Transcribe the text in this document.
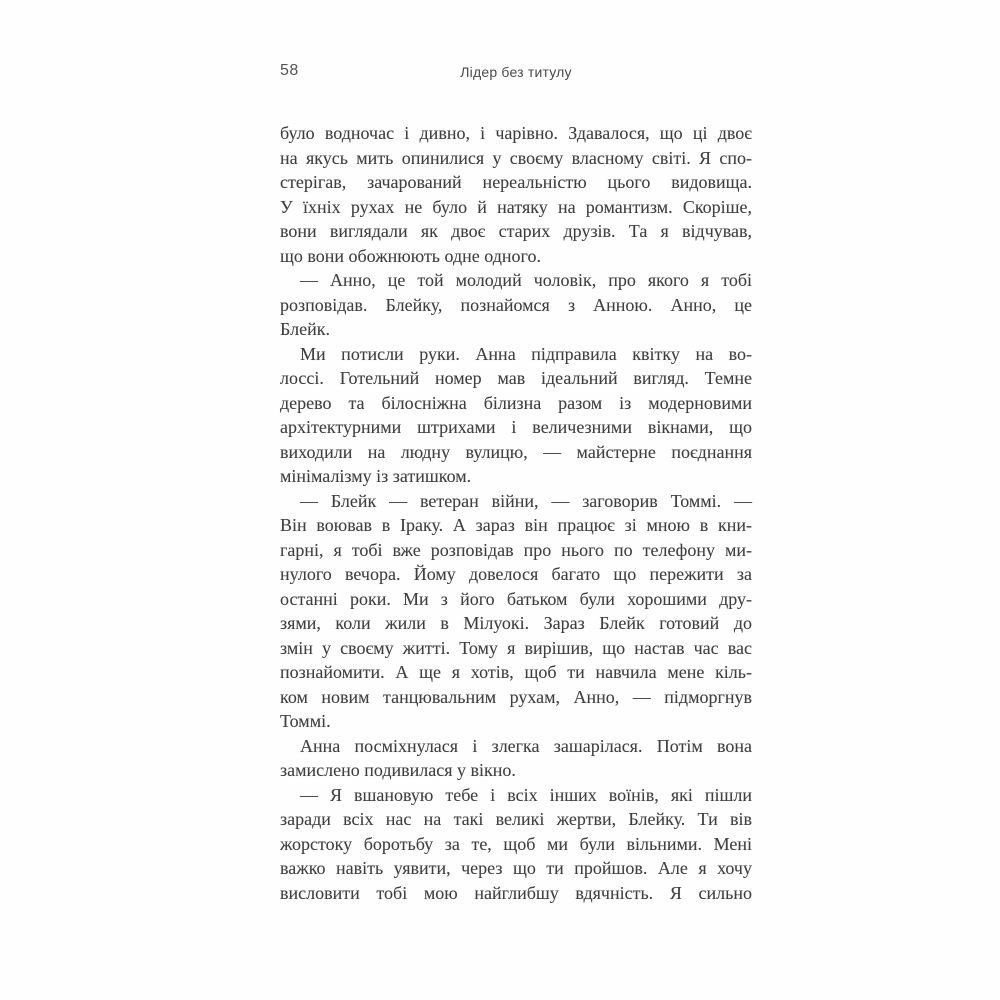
58	Лідер без титулу
було водночас і дивно, і чарівно. Здавалося, що ці двоє
на якусь мить опинилися у своєму власному світі. Я спо-
стерігав, зачарований нереальністю цього видовища.
У їхніх рухах не було й натяку на романтизм. Скоріше,
вони виглядали як двоє старих друзів. Та я відчував,
що вони обожнюють одне одного.
— Анно, це той молодий чоловік, про якого я тобі
розповідав. Блейку, познайомся з Анною. Анно, це
Блейк.
Ми потисли руки. Анна підправила квітку на во-
лоссі. Готельний номер мав ідеальний вигляд. Темне
дерево та білосніжна білизна разом із модерновими
архітектурними штрихами і величезними вікнами, що
виходили на людну вулицю, — майстерне поєднання
мінімалізму із затишком.
— Блейк — ветеран війни, — заговорив Томмі. —
Він воював в Іраку. А зараз він працює зі мною в кни-
гарні, я тобі вже розповідав про нього по телефону ми-
нулого вечора. Йому довелося багато що пережити за
останні роки. Ми з його батьком були хорошими дру-
зями, коли жили в Мілуокі. Зараз Блейк готовий до
змін у своєму житті. Тому я вирішив, що настав час вас
познайомити. А ще я хотів, щоб ти навчила мене кіль-
ком новим танцювальним рухам, Анно, — підморгнув
Томмі.
Анна посміхнулася і злегка зашарілася. Потім вона
замислено подивилася у вікно.
— Я вшановую тебе і всіх інших воїнів, які пішли
заради всіх нас на такі великі жертви, Блейку. Ти вів
жорстоку боротьбу за те, щоб ми були вільними. Мені
важко навіть уявити, через що ти пройшов. Але я хочу
висловити тобі мою найглибшу вдячність. Я сильно
